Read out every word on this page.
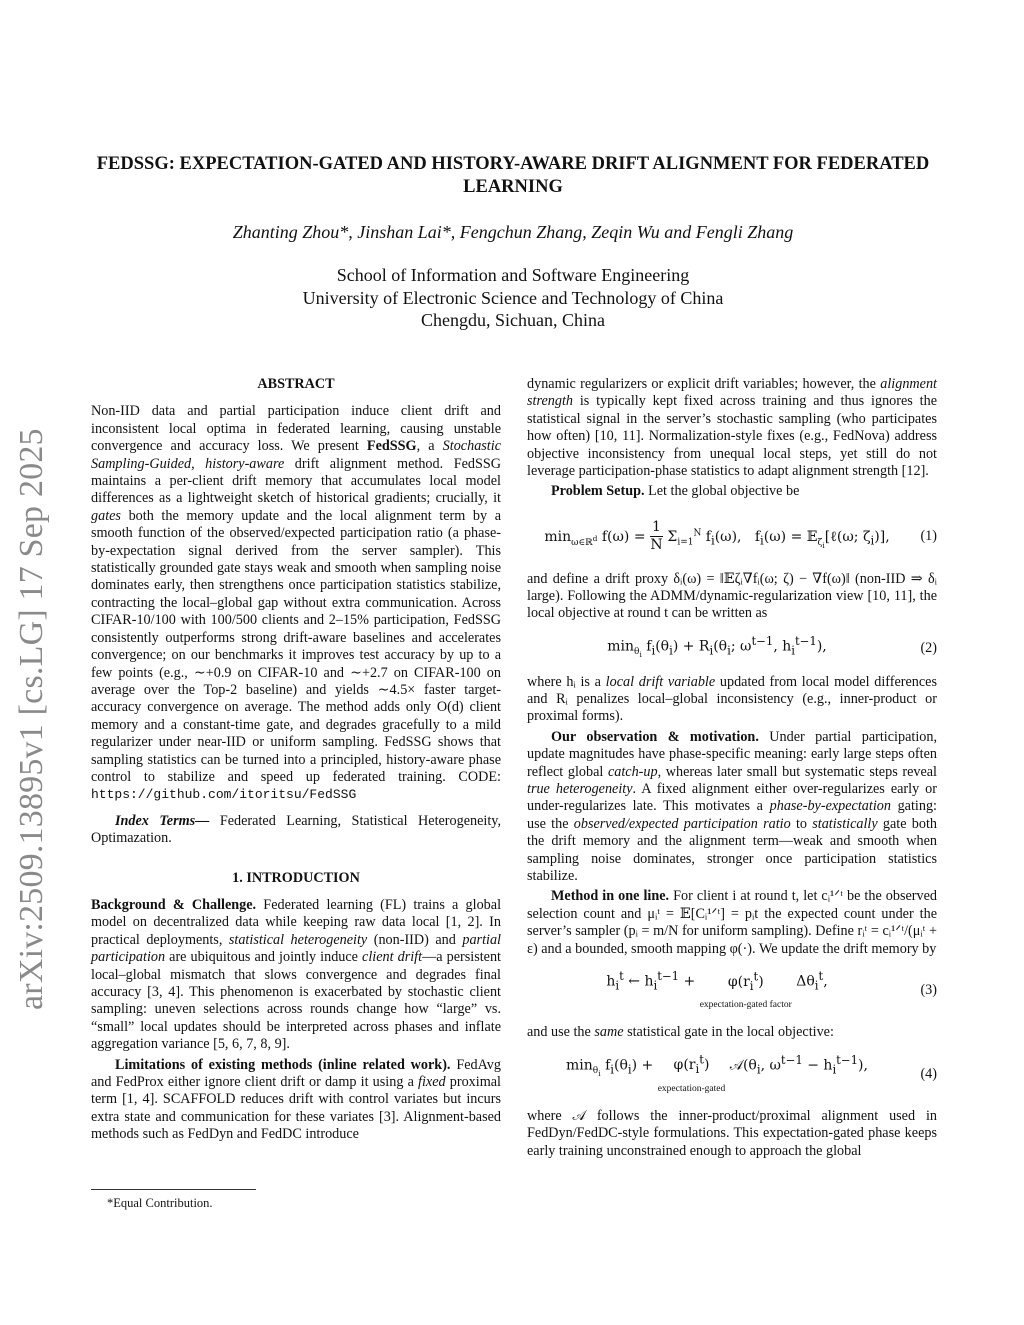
arXiv:2509.13895v1 [cs.LG] 17 Sep 2025
FEDSSG: EXPECTATION-GATED AND HISTORY-AWARE DRIFT ALIGNMENT FOR FEDERATED LEARNING
Zhanting Zhou*, Jinshan Lai*, Fengchun Zhang, Zeqin Wu and Fengli Zhang
School of Information and Software Engineering
University of Electronic Science and Technology of China
Chengdu, Sichuan, China
ABSTRACT

Non-IID data and partial participation induce client drift and inconsistent local optima in federated learning, causing unstable convergence and accuracy loss. We present FedSSG, a Stochastic Sampling-Guided, history-aware drift alignment method. FedSSG maintains a per-client drift memory that accumulates local model differences as a lightweight sketch of historical gradients; crucially, it gates both the memory update and the local alignment term by a smooth function of the observed/expected participation ratio (a phase-by-expectation signal derived from the server sampler). This statistically grounded gate stays weak and smooth when sampling noise dominates early, then strengthens once participation statistics stabilize, contracting the local–global gap without extra communication. Across CIFAR-10/100 with 100/500 clients and 2–15% participation, FedSSG consistently outperforms strong drift-aware baselines and accelerates convergence; on our benchmarks it improves test accuracy by up to a few points (e.g., ∼+0.9 on CIFAR-10 and ∼+2.7 on CIFAR-100 on average over the Top-2 baseline) and yields ∼4.5× faster target-accuracy convergence on average. The method adds only O(d) client memory and a constant-time gate, and degrades gracefully to a mild regularizer under near-IID or uniform sampling. FedSSG shows that sampling statistics can be turned into a principled, history-aware phase control to stabilize and speed up federated training. CODE: https://github.com/itoritsu/FedSSG

Index Terms— Federated Learning, Statistical Heterogeneity, Optimazation.

1. INTRODUCTION

Background & Challenge. Federated learning (FL) trains a global model on decentralized data while keeping raw data local [1, 2]. In practical deployments, statistical heterogeneity (non-IID) and partial participation are ubiquitous and jointly induce client drift—a persistent local–global mismatch that slows convergence and degrades final accuracy [3, 4]. This phenomenon is exacerbated by stochastic client sampling: uneven selections across rounds change how “large” vs. “small” local updates should be interpreted across phases and inflate aggregation variance [5, 6, 7, 8, 9].

Limitations of existing methods (inline related work). FedAvg and FedProx either ignore client drift or damp it using a fixed proximal term [1, 4]. SCAFFOLD reduces drift with control variates but incurs extra state and communication for these variates [3]. Alignment-based methods such as FedDyn and FedDC introduce

*Equal Contribution.

dynamic regularizers or explicit drift variables; however, the alignment strength is typically kept fixed across training and thus ignores the statistical signal in the server’s stochastic sampling (who participates how often) [10, 11]. Normalization-style fixes (e.g., FedNova) address objective inconsistency from unequal local steps, yet still do not leverage participation-phase statistics to adapt alignment strength [12].

Problem Setup. Let the global objective be

$\min_{\omega\in ℝ^d} f(\omega) = \frac{1}{N} \Sigma_{i=1}^N$ $f_i(\omega)$,   $f_i(\omega)$ = 𝔼$_{\zeta_i}$[ℓ(ω; $\zeta_i$)],	(1)

and define a drift proxy δᵢ(ω) = ‖𝔼ζᵢ∇fᵢ(ω; ζ) − ∇f(ω)‖ (non-IID ⇒ δᵢ large). Following the ADMM/dynamic-regularization view [10, 11], the local objective at round t can be written as

$\min_{\theta_i} f_i(\theta_i) + R_i(\theta_i$; $\omega^{t-1}$, $h_i^{t-1}$),	(2)

where hᵢ is a local drift variable updated from local model differences and Rᵢ penalizes local–global inconsistency (e.g., inner-product or proximal forms).

Our observation & motivation. Under partial participation, update magnitudes have phase-specific meaning: early large steps often reflect global catch-up, whereas later small but systematic steps reveal true heterogeneity. A fixed alignment either over-regularizes early or under-regularizes late. This motivates a phase-by-expectation gating: use the observed/expected participation ratio to statistically gate both the drift memory and the alignment term—weak and smooth when sampling noise dominates, stronger once participation statistics stabilize.

Method in one line. For client i at round t, let cᵢ¹ᐟᵗ be the observed selection count and μᵢᵗ = 𝔼[Cᵢ¹ᐟᵗ] = pᵢt the expected count under the server’s sampler (pᵢ = m/N for uniform sampling). Define rᵢᵗ = cᵢ¹ᐟᵗ/(μᵢᵗ + ε) and a bounded, smooth mapping φ(·). We update the drift memory by

$h_i^t$ ← $h_i^{t-1} + \varphi(r_i^t)$
expectation-gated factor
$\Delta\theta_i^t$,
(3)

and use the same statistical gate in the local objective:

$\min_{\theta_i} f_i(\theta_i) + \varphi(r_i^t)$
expectation-gated
$𝒜(\theta_i$, $\omega^{t-1} - h_i^{t-1}$),
(4)

where 𝒜 follows the inner-product/proximal alignment used in FedDyn/FedDC-style formulations. This expectation-gated phase keeps early training unconstrained enough to approach the global
